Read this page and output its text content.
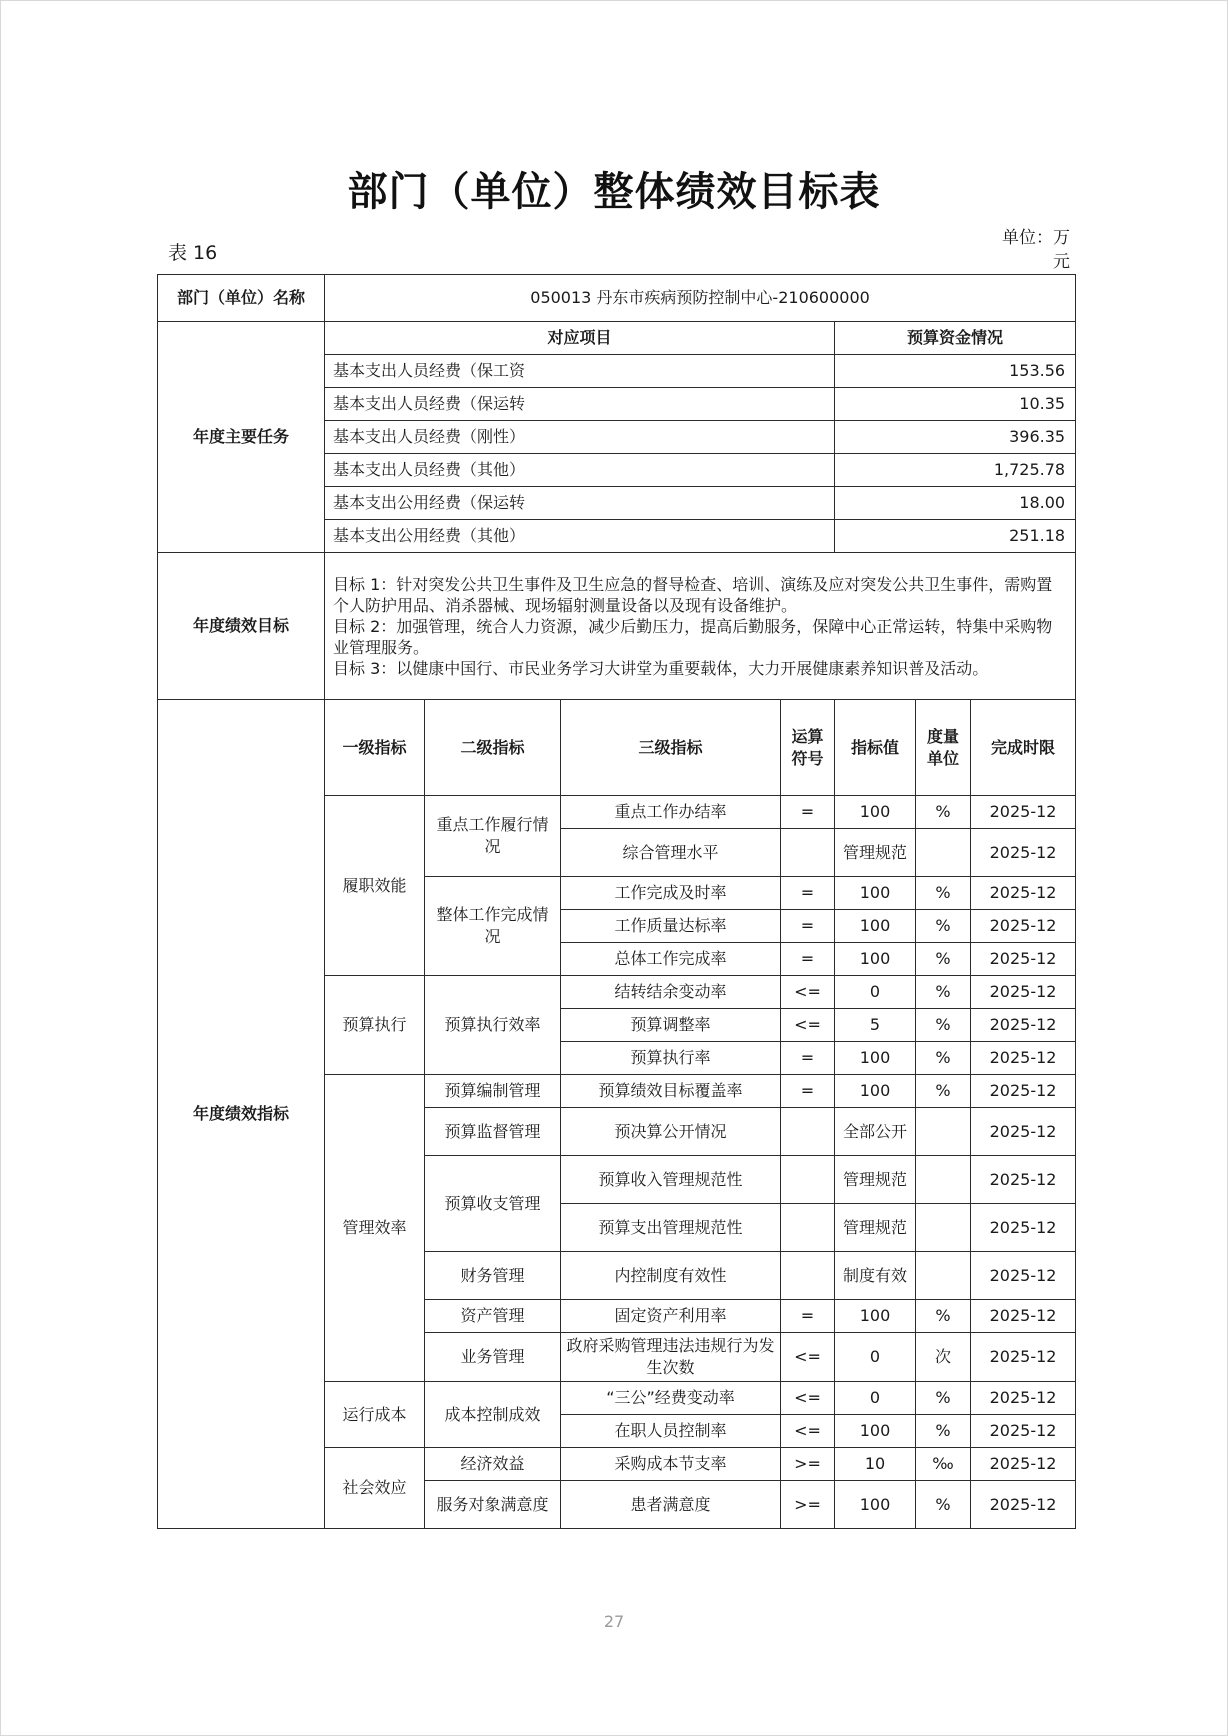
部门（单位）整体绩效目标表
表 16
单位：万元
部门（单位）名称	050013 丹东市疾病预防控制中心-210600000						
年度主要任务	对应项目				预算资金情况		
	基本支出人员经费（保工资				153.56		
	基本支出人员经费（保运转				10.35		
	基本支出人员经费（刚性）				396.35		
	基本支出人员经费（其他）				1,725.78		
	基本支出公用经费（保运转				18.00		
	基本支出公用经费（其他）				251.18		
年度绩效目标	目标 1：针对突发公共卫生事件及卫生应急的督导检查、培训、演练及应对突发公共卫生事件，需购置个人防护用品、消杀器械、现场辐射测量设备以及现有设备维护。
目标 2：加强管理，统合人力资源，减少后勤压力，提高后勤服务，保障中心正常运转，特集中采购物业管理服务。
目标 3：以健康中国行、市民业务学习大讲堂为重要载体，大力开展健康素养知识普及活动。						

年度绩效指标	一级指标	二级指标	三级指标	运算符号	指标值	度量单位	完成时限
	履职效能	重点工作履行情况	重点工作办结率	=	100	%	2025-12
			综合管理水平		管理规范		2025-12
		整体工作完成情况	工作完成及时率	=	100	%	2025-12
			工作质量达标率	=	100	%	2025-12
			总体工作完成率	=	100	%	2025-12
	预算执行	预算执行效率	结转结余变动率	<=	0	%	2025-12
			预算调整率	<=	5	%	2025-12
			预算执行率	=	100	%	2025-12
	管理效率	预算编制管理	预算绩效目标覆盖率	=	100	%	2025-12
		预算监督管理	预决算公开情况		全部公开		2025-12
		预算收支管理	预算收入管理规范性		管理规范		2025-12
			预算支出管理规范性		管理规范		2025-12
		财务管理	内控制度有效性		制度有效		2025-12
		资产管理	固定资产利用率	=	100	%	2025-12
		业务管理	政府采购管理违法违规行为发生次数	<=	0	次	2025-12
	运行成本	成本控制成效	“三公”经费变动率	<=	0	%	2025-12
			在职人员控制率	<=	100	%	2025-12
	社会效应	经济效益	采购成本节支率	>=	10	‰	2025-12
		服务对象满意度	患者满意度	>=	100	%	2025-12
27
